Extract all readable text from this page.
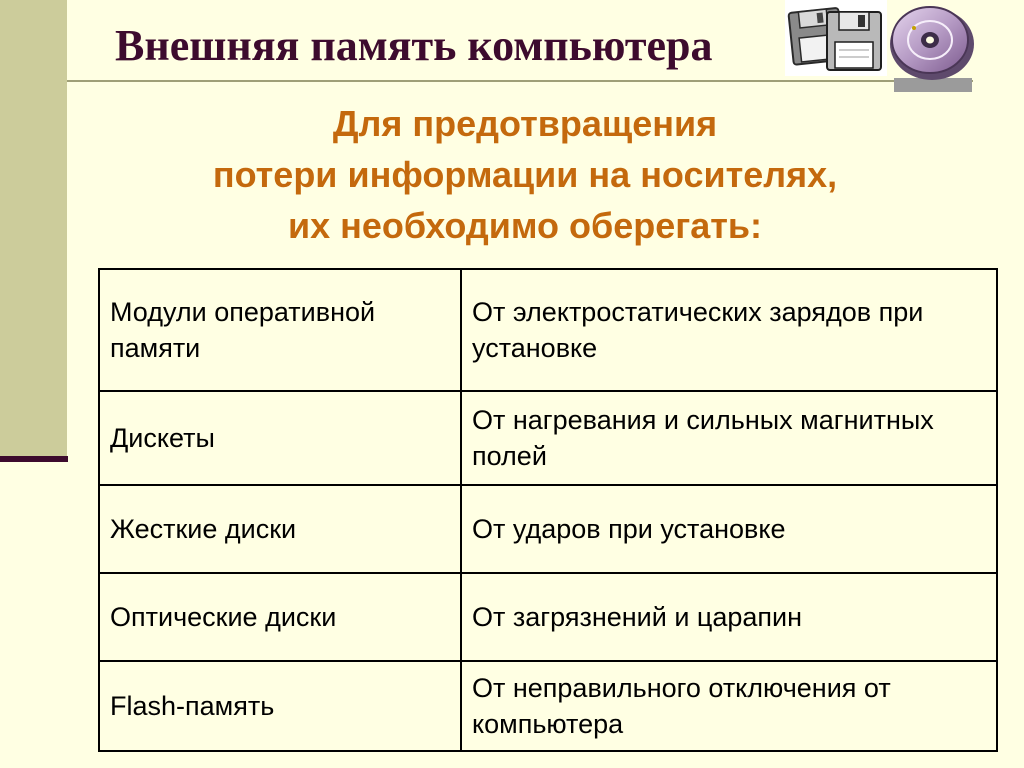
Внешняя память компьютера
Для предотвращения
потери информации на носителях,
их необходимо оберегать:
Модули оперативной памяти	От электростатических зарядов при установке
Дискеты	От нагревания и сильных магнитных полей
Жесткие диски	От ударов при установке
Оптические диски	От загрязнений и царапин
Flash-память	От неправильного отключения от компьютера
